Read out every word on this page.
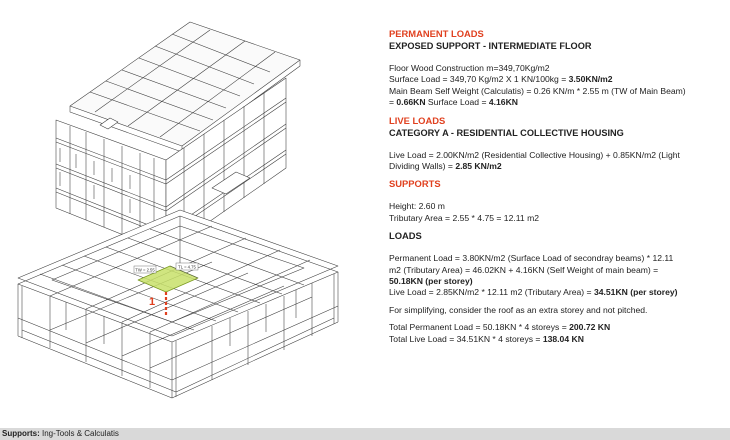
TW = 2.55
TL = 4.75
1
PERMANENT LOADS
EXPOSED SUPPORT - INTERMEDIATE FLOOR

Floor Wood Construction m=349,70Kg/m2

Surface Load = 349,70 Kg/m2 X 1 KN/100kg = 3.50KN/m2

Main Beam Self Weight (Calculatis) = 0.26 KN/m * 2.55 m (TW of Main Beam)

= 0.66KN Surface Load = 4.16KN

LIVE LOADS
CATEGORY A - RESIDENTIAL COLLECTIVE HOUSING

Live Load = 2.00KN/m2 (Residential Collective Housing) + 0.85KN/m2 (Light

Dividing Walls) = 2.85 KN/m2

SUPPORTS

Height: 2.60 m

Tributary Area = 2.55 * 4.75 = 12.11 m2

LOADS

Permanent Load = 3.80KN/m2 (Surface Load of secondray beams) * 12.11

m2 (Tributary Area) = 46.02KN + 4.16KN (Self Weight of main beam) =

50.18KN (per storey)

Live Load = 2.85KN/m2 * 12.11 m2 (Tributary Area) = 34.51KN (per storey)

For simplifying, consider the roof as an extra storey and not pitched.

Total Permanent Load = 50.18KN * 4 storeys = 200.72 KN

Total Live Load = 34.51KN * 4 storeys = 138.04 KN

Supports: Ing-Tools & Calculatis
